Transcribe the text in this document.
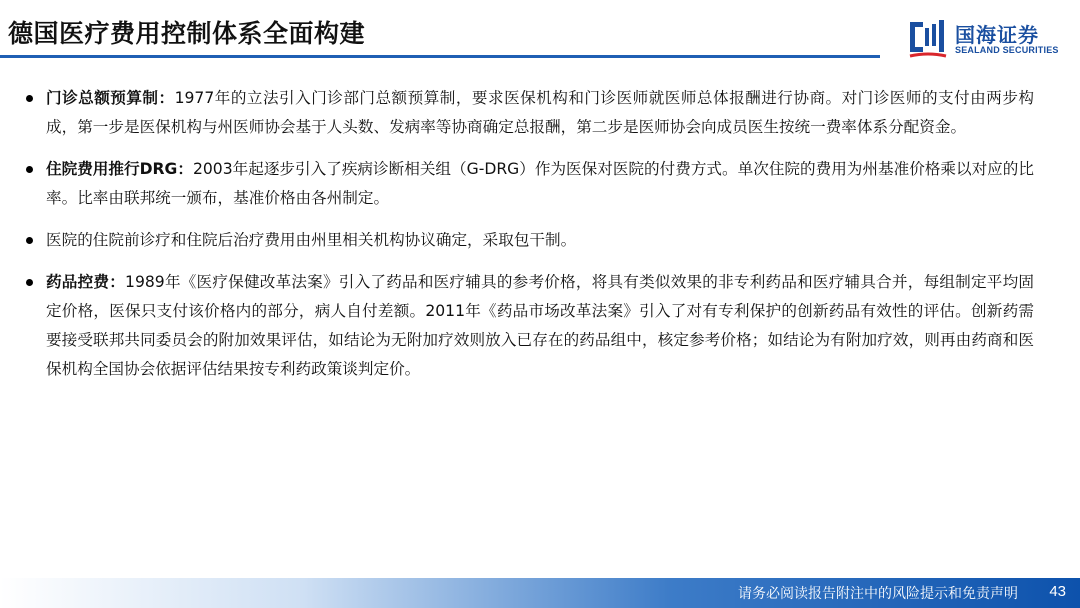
德国医疗费用控制体系全面构建	国海证券
SEALAND SECURITIES
门诊总额预算制：1977年的立法引入门诊部门总额预算制，要求医保机构和门诊医师就医师总体报酬进行协商。对门诊医师的支付由两步构成，第一步是医保机构与州医师协会基于人头数、发病率等协商确定总报酬，第二步是医师协会向成员医生按统一费率体系分配资金。
住院费用推行DRG：2003年起逐步引入了疾病诊断相关组（G-DRG）作为医保对医院的付费方式。单次住院的费用为州基准价格乘以对应的比率。比率由联邦统一颁布，基准价格由各州制定。
医院的住院前诊疗和住院后治疗费用由州里相关机构协议确定，采取包干制。
药品控费：1989年《医疗保健改革法案》引入了药品和医疗辅具的参考价格，将具有类似效果的非专利药品和医疗辅具合并，每组制定平均固定价格，医保只支付该价格内的部分，病人自付差额。2011年《药品市场改革法案》引入了对有专利保护的创新药品有效性的评估。创新药需要接受联邦共同委员会的附加效果评估，如结论为无附加疗效则放入已存在的药品组中，核定参考价格；如结论为有附加疗效，则再由药商和医保机构全国协会依据评估结果按专利药政策谈判定价。
请务必阅读报告附注中的风险提示和免责声明 43
